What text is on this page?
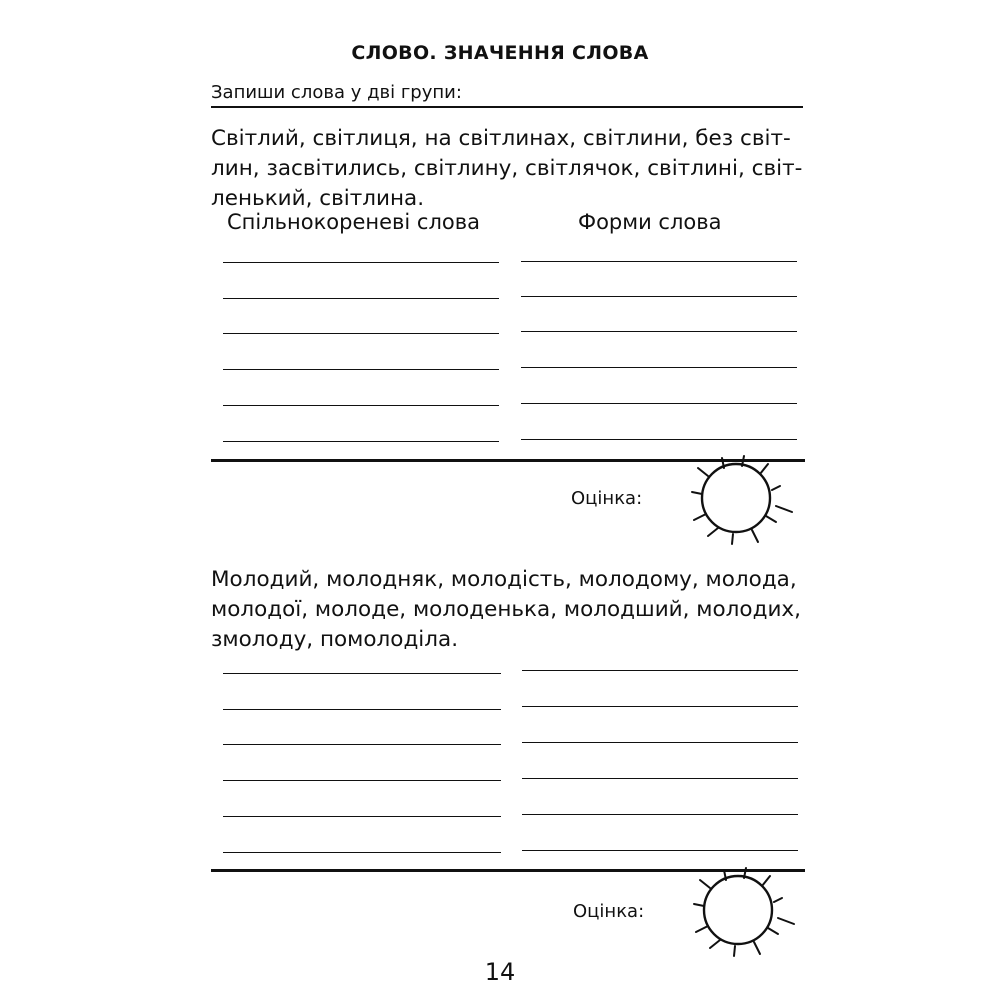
СЛОВО. ЗНАЧЕННЯ СЛОВА
Запиши слова у дві групи:
Світлий, світлиця, на світлинах, світлини, без світ-
лин, засвітились, світлину, світлячок, світлині, світ-
ленький, світлина.
Спільнокореневі слова	Форми слова
Оцінка:
Молодий, молодняк, молодість, молодому, молода,
молодої, молоде, молоденька, молодший, молодих,
змолоду, помолоділа.
Оцінка:
14
